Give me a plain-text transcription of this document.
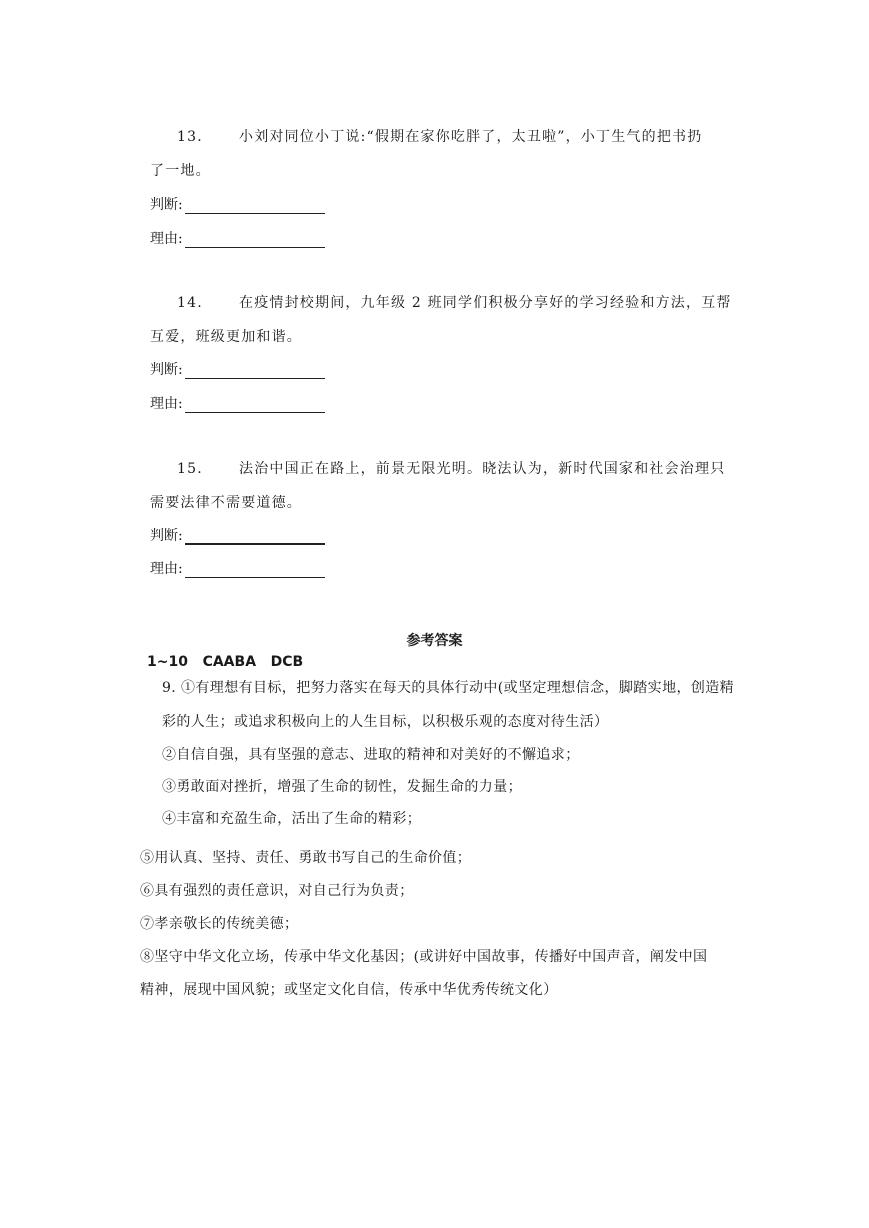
13.	小刘对同位小丁说:“假期在家你吃胖了，太丑啦”，小丁生气的把书扔
了一地。
判断:
理由:
14.	在疫情封校期间，九年级 2 班同学们积极分享好的学习经验和方法，互帮
互爱，班级更加和谐。
判断:
理由:
15.	法治中国正在路上，前景无限光明。晓法认为，新时代国家和社会治理只
需要法律不需要道德。
判断:
理由:
参考答案
1~10   CAABA   DCB
9. ①有理想有目标，把努力落实在每天的具体行动中(或坚定理想信念，脚踏实地，创造精
彩的人生；或追求积极向上的人生目标，以积极乐观的态度对待生活）
②自信自强，具有坚强的意志、进取的精神和对美好的不懈追求；
③勇敢面对挫折，增强了生命的韧性，发掘生命的力量；
④丰富和充盈生命，活出了生命的精彩；
⑤用认真、坚持、责任、勇敢书写自己的生命价值；
⑥具有强烈的责任意识，对自己行为负责；
⑦孝亲敬长的传统美德；
⑧坚守中华文化立场，传承中华文化基因；(或讲好中国故事，传播好中国声音，阐发中国
精神，展现中国风貌；或坚定文化自信，传承中华优秀传统文化）
